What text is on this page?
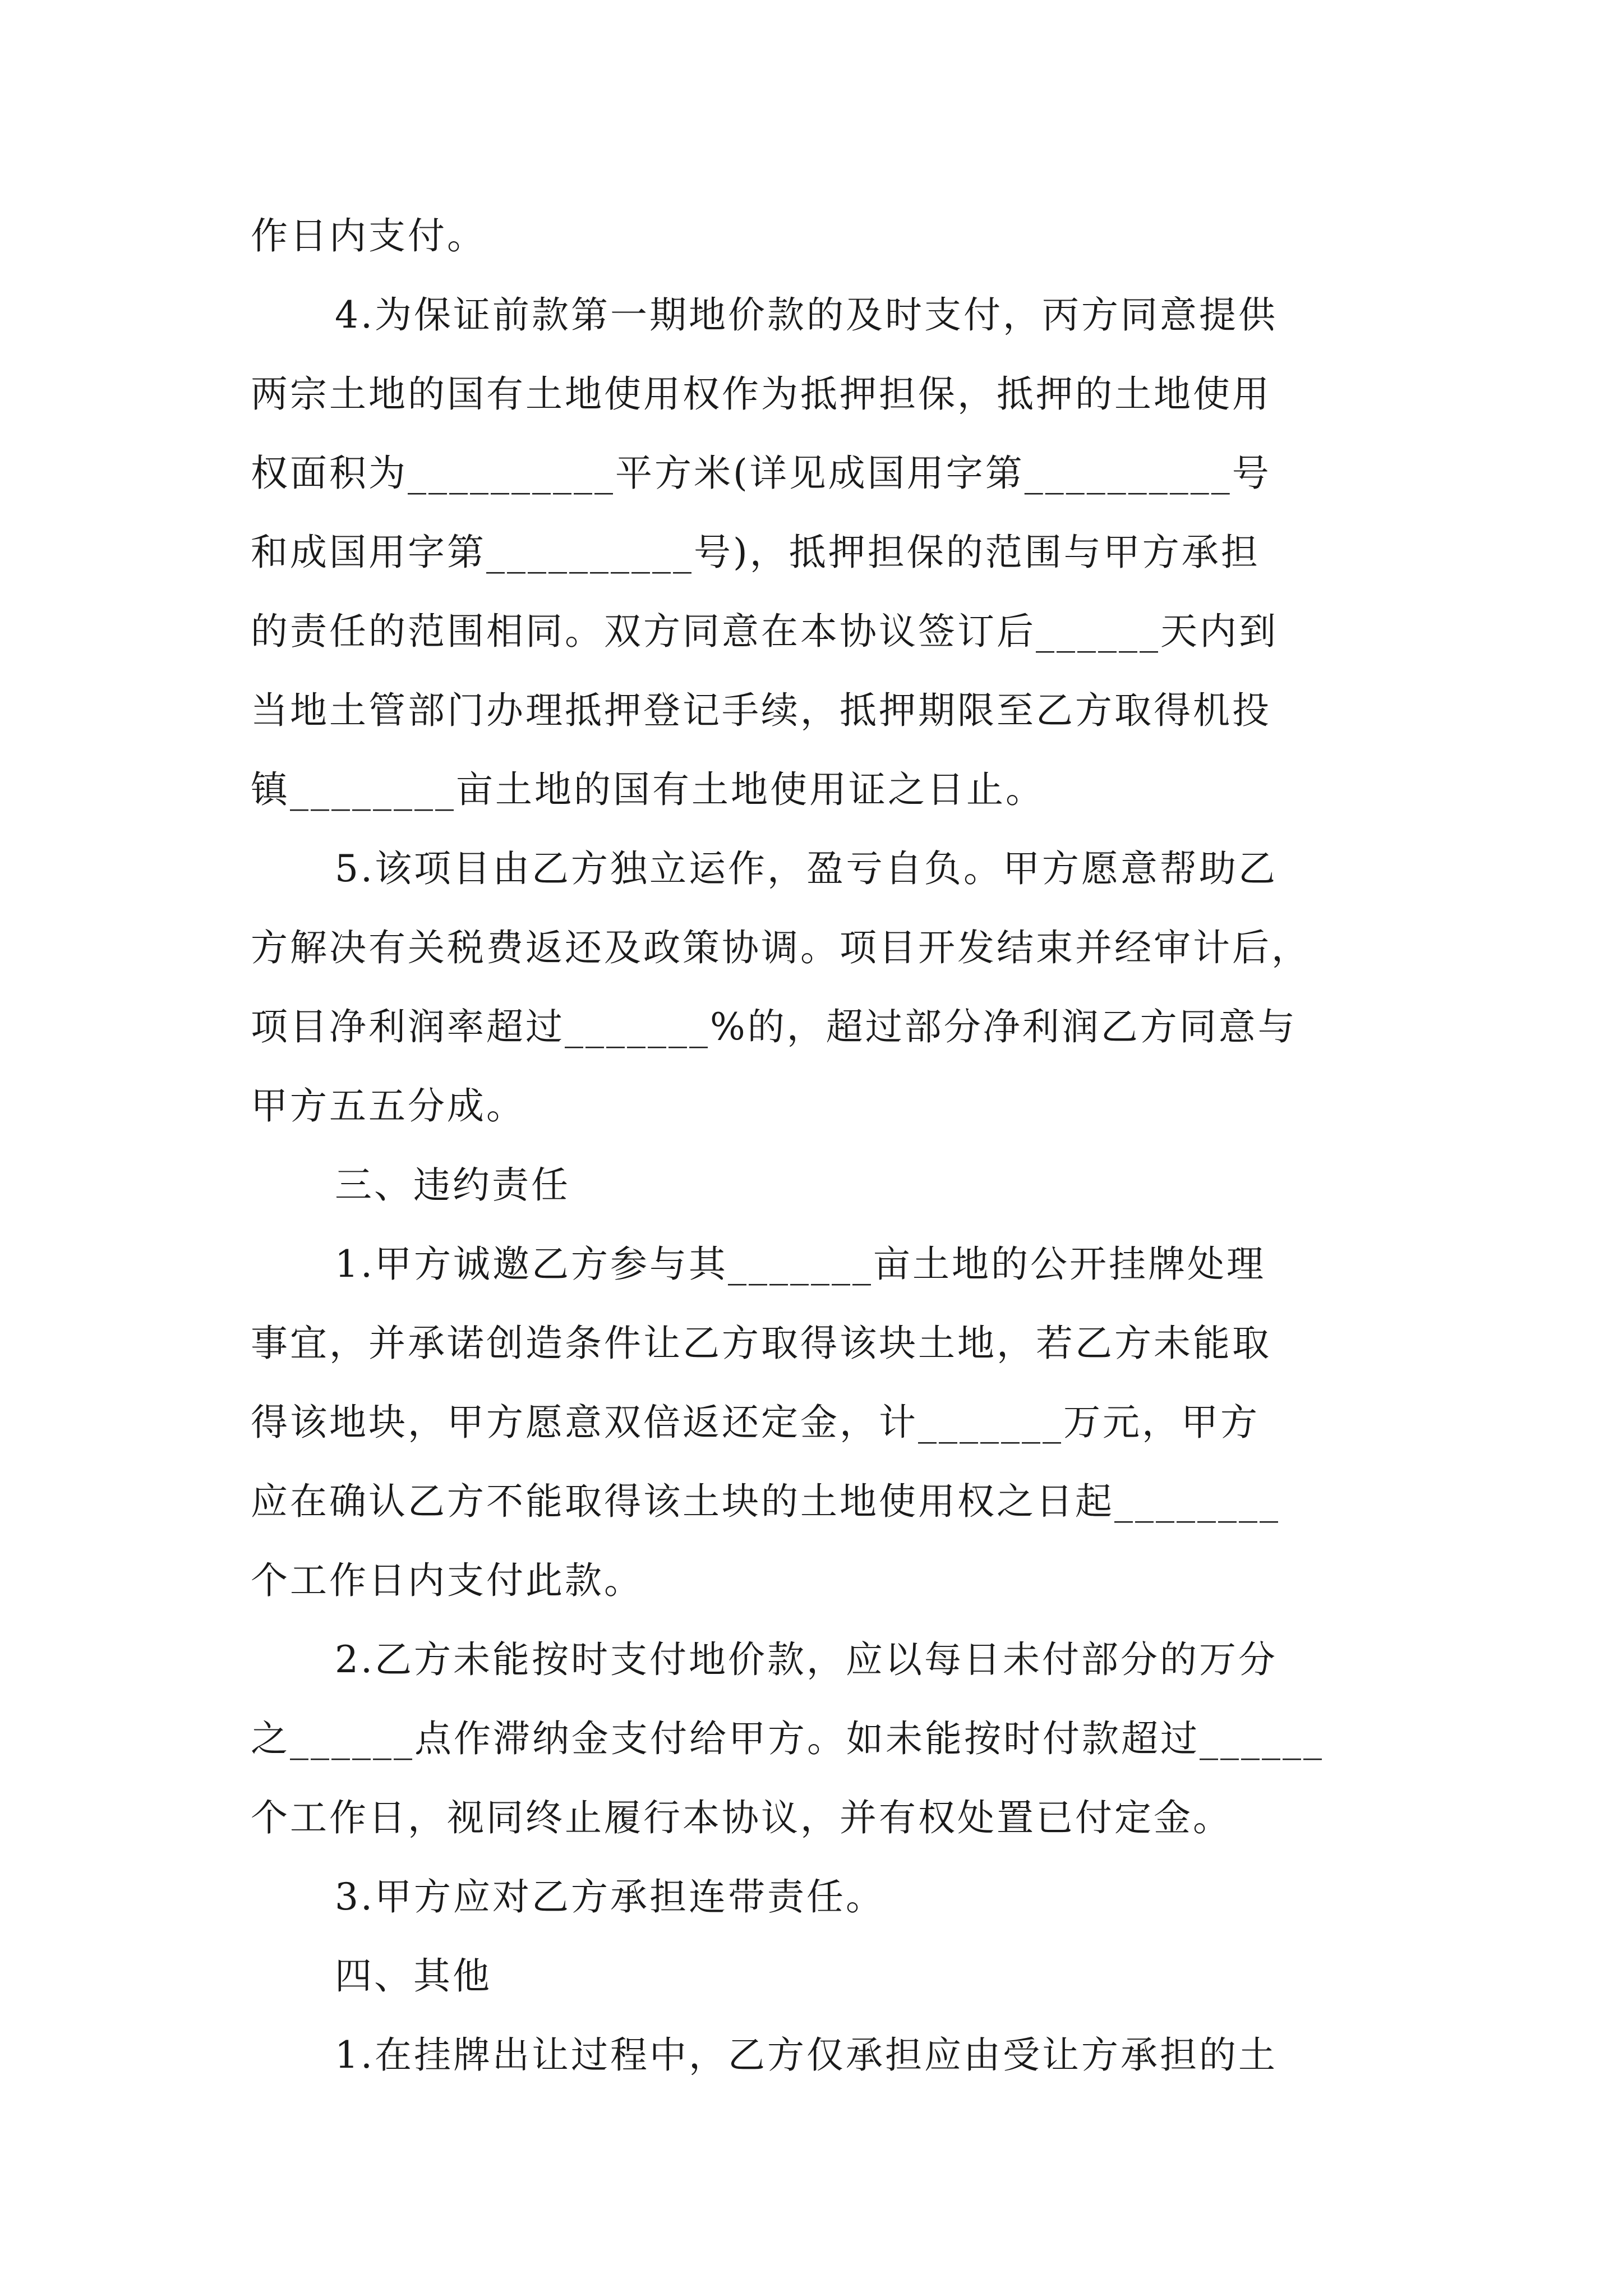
作日内支付。

4.为保证前款第一期地价款的及时支付，丙方同意提供

两宗土地的国有土地使用权作为抵押担保，抵押的土地使用

权面积为__________平方米(详见成国用字第__________号

和成国用字第__________号)，抵押担保的范围与甲方承担

的责任的范围相同。双方同意在本协议签订后______天内到

当地土管部门办理抵押登记手续，抵押期限至乙方取得机投

镇________亩土地的国有土地使用证之日止。

5.该项目由乙方独立运作，盈亏自负。甲方愿意帮助乙

方解决有关税费返还及政策协调。项目开发结束并经审计后，

项目净利润率超过_______%的，超过部分净利润乙方同意与

甲方五五分成。

三、违约责任

1.甲方诚邀乙方参与其_______亩土地的公开挂牌处理

事宜，并承诺创造条件让乙方取得该块土地，若乙方未能取

得该地块，甲方愿意双倍返还定金，计_______万元，甲方

应在确认乙方不能取得该土块的土地使用权之日起________

个工作日内支付此款。

2.乙方未能按时支付地价款，应以每日未付部分的万分

之______点作滞纳金支付给甲方。如未能按时付款超过______

个工作日，视同终止履行本协议，并有权处置已付定金。

3.甲方应对乙方承担连带责任。

四、其他

1.在挂牌出让过程中，乙方仅承担应由受让方承担的土
